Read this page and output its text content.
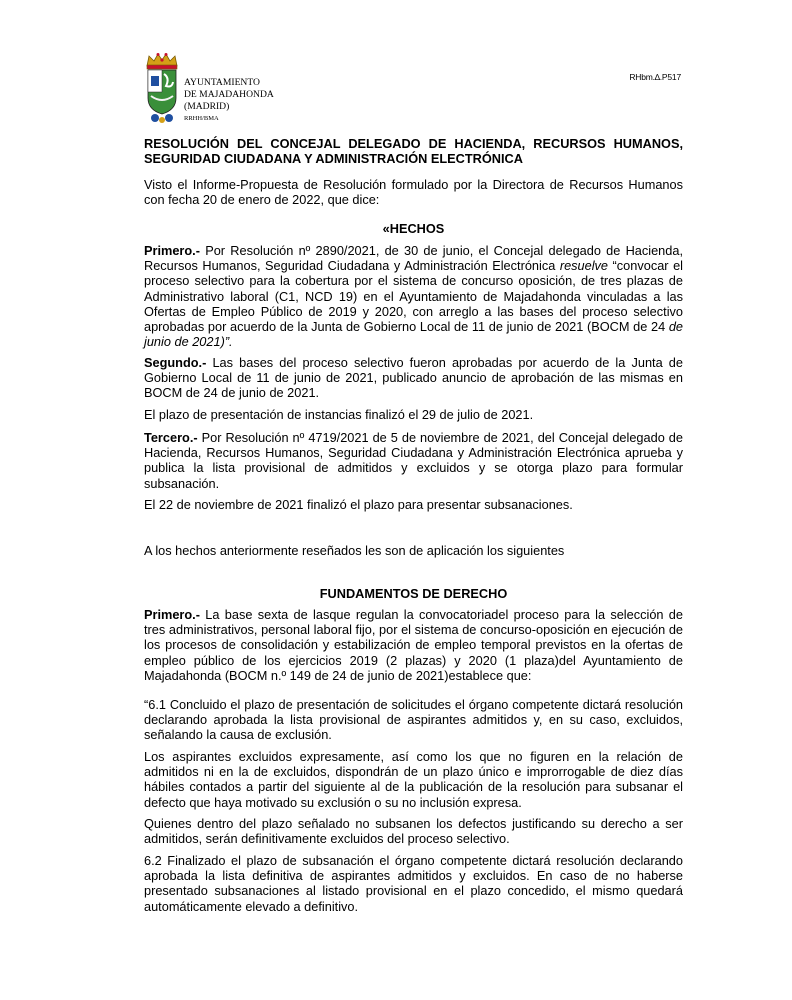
AYUNTAMIENTO
DE MAJADAHONDA
(MADRID)
RRHH/BMA
RHbm.∆.P517

RESOLUCIÓN DEL CONCEJAL DELEGADO DE HACIENDA, RECURSOS HUMANOS, SEGURIDAD CIUDADANA Y ADMINISTRACIÓN ELECTRÓNICA

Visto el Informe-Propuesta de Resolución formulado por la Directora de Recursos Humanos con fecha 20 de enero de 2022, que dice:

«HECHOS

Primero.- Por Resolución nº 2890/2021, de 30 de junio, el Concejal delegado de Hacienda, Recursos Humanos, Seguridad Ciudadana y Administración Electrónica resuelve “convocar el proceso selectivo para la cobertura por el sistema de concurso oposición, de tres plazas de Administrativo laboral (C1, NCD 19) en el Ayuntamiento de Majadahonda vinculadas a las Ofertas de Empleo Público de 2019 y 2020, con arreglo a las bases del proceso selectivo aprobadas por acuerdo de la Junta de Gobierno Local de 11 de junio de 2021 (BOCM de 24 de junio de 2021)”.

Segundo.- Las bases del proceso selectivo fueron aprobadas por acuerdo de la Junta de Gobierno Local de 11 de junio de 2021, publicado anuncio de aprobación de las mismas en BOCM de 24 de junio de 2021.

El plazo de presentación de instancias finalizó el 29 de julio de 2021.

Tercero.- Por Resolución nº 4719/2021 de 5 de noviembre de 2021, del Concejal delegado de Hacienda, Recursos Humanos, Seguridad Ciudadana y Administración Electrónica aprueba y publica la lista provisional de admitidos y excluidos y se otorga plazo para formular subsanación.

El 22 de noviembre de 2021 finalizó el plazo para presentar subsanaciones.

A los hechos anteriormente reseñados les son de aplicación los siguientes

FUNDAMENTOS DE DERECHO

Primero.- La base sexta de lasque regulan la convocatoriadel proceso para la selección de tres administrativos, personal laboral fijo, por el sistema de concurso-oposición en ejecución de los procesos de consolidación y estabilización de empleo temporal previstos en la ofertas de empleo público de los ejercicios 2019 (2 plazas) y 2020 (1 plaza)del Ayuntamiento de Majadahonda (BOCM n.º 149 de 24 de junio de 2021)establece que:

“6.1 Concluido el plazo de presentación de solicitudes el órgano competente dictará resolución declarando aprobada la lista provisional de aspirantes admitidos y, en su caso, excluidos, señalando la causa de exclusión.

Los aspirantes excluidos expresamente, así como los que no figuren en la relación de admitidos ni en la de excluidos, dispondrán de un plazo único e improrrogable de diez días hábiles contados a partir del siguiente al de la publicación de la resolución para subsanar el defecto que haya motivado su exclusión o su no inclusión expresa.

Quienes dentro del plazo señalado no subsanen los defectos justificando su derecho a ser admitidos, serán definitivamente excluidos del proceso selectivo.

6.2 Finalizado el plazo de subsanación el órgano competente dictará resolución declarando aprobada la lista definitiva de aspirantes admitidos y excluidos. En caso de no haberse presentado subsanaciones al listado provisional en el plazo concedido, el mismo quedará automáticamente elevado a definitivo.
